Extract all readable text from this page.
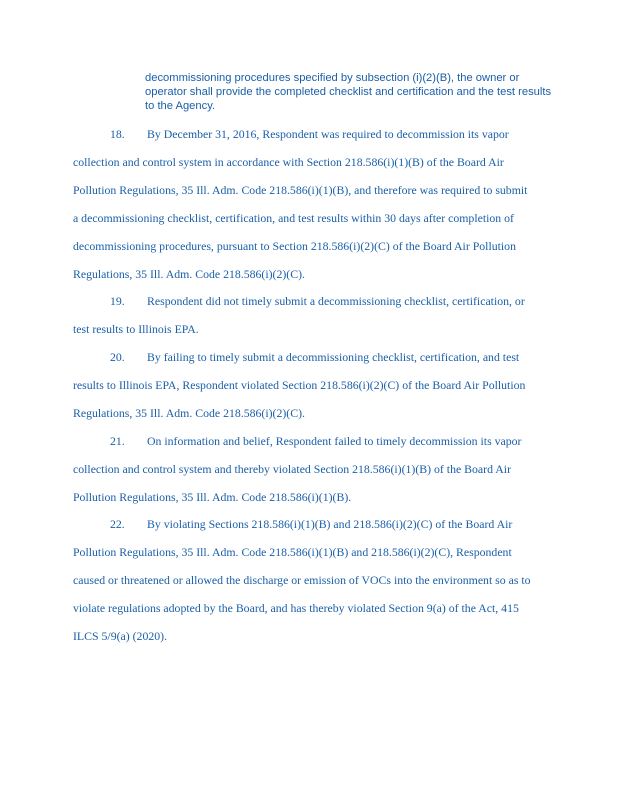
decommissioning procedures specified by subsection (i)(2)(B), the owner or
operator shall provide the completed checklist and certification and the test results
to the Agency.
18. By December 31, 2016, Respondent was required to decommission its vapor
collection and control system in accordance with Section 218.586(i)(1)(B) of the Board Air
Pollution Regulations, 35 Ill. Adm. Code 218.586(i)(1)(B), and therefore was required to submit
a decommissioning checklist, certification, and test results within 30 days after completion of
decommissioning procedures, pursuant to Section 218.586(i)(2)(C) of the Board Air Pollution
Regulations, 35 Ill. Adm. Code 218.586(i)(2)(C).
19. Respondent did not timely submit a decommissioning checklist, certification, or
test results to Illinois EPA.
20. By failing to timely submit a decommissioning checklist, certification, and test
results to Illinois EPA, Respondent violated Section 218.586(i)(2)(C) of the Board Air Pollution
Regulations, 35 Ill. Adm. Code 218.586(i)(2)(C).
21. On information and belief, Respondent failed to timely decommission its vapor
collection and control system and thereby violated Section 218.586(i)(1)(B) of the Board Air
Pollution Regulations, 35 Ill. Adm. Code 218.586(i)(1)(B).
22. By violating Sections 218.586(i)(1)(B) and 218.586(i)(2)(C) of the Board Air
Pollution Regulations, 35 Ill. Adm. Code 218.586(i)(1)(B) and 218.586(i)(2)(C), Respondent
caused or threatened or allowed the discharge or emission of VOCs into the environment so as to
violate regulations adopted by the Board, and has thereby violated Section 9(a) of the Act, 415
ILCS 5/9(a) (2020).
